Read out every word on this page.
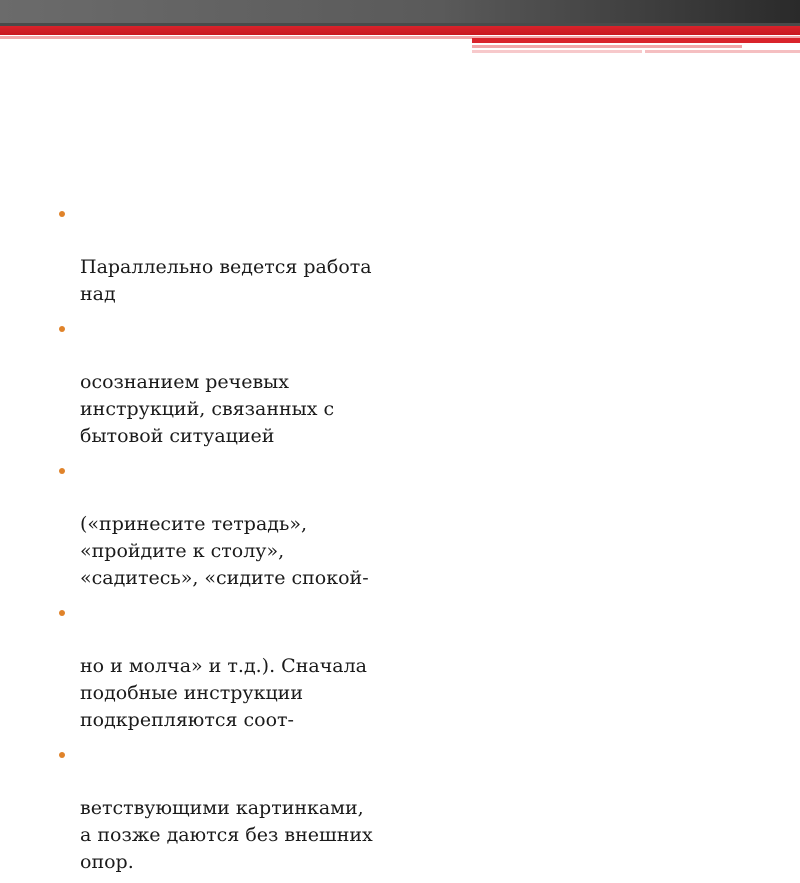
Параллельно ведется работа
над

осознанием речевых
инструкций, связанных с
бытовой ситуацией

(«принесите тетрадь»,
«пройдите к столу»,
«садитесь», «сидите спокой-

но и молча» и т.д.). Сначала
подобные инструкции
подкрепляются соот-

ветствующими картинками,
а позже даются без внешних
опор.
